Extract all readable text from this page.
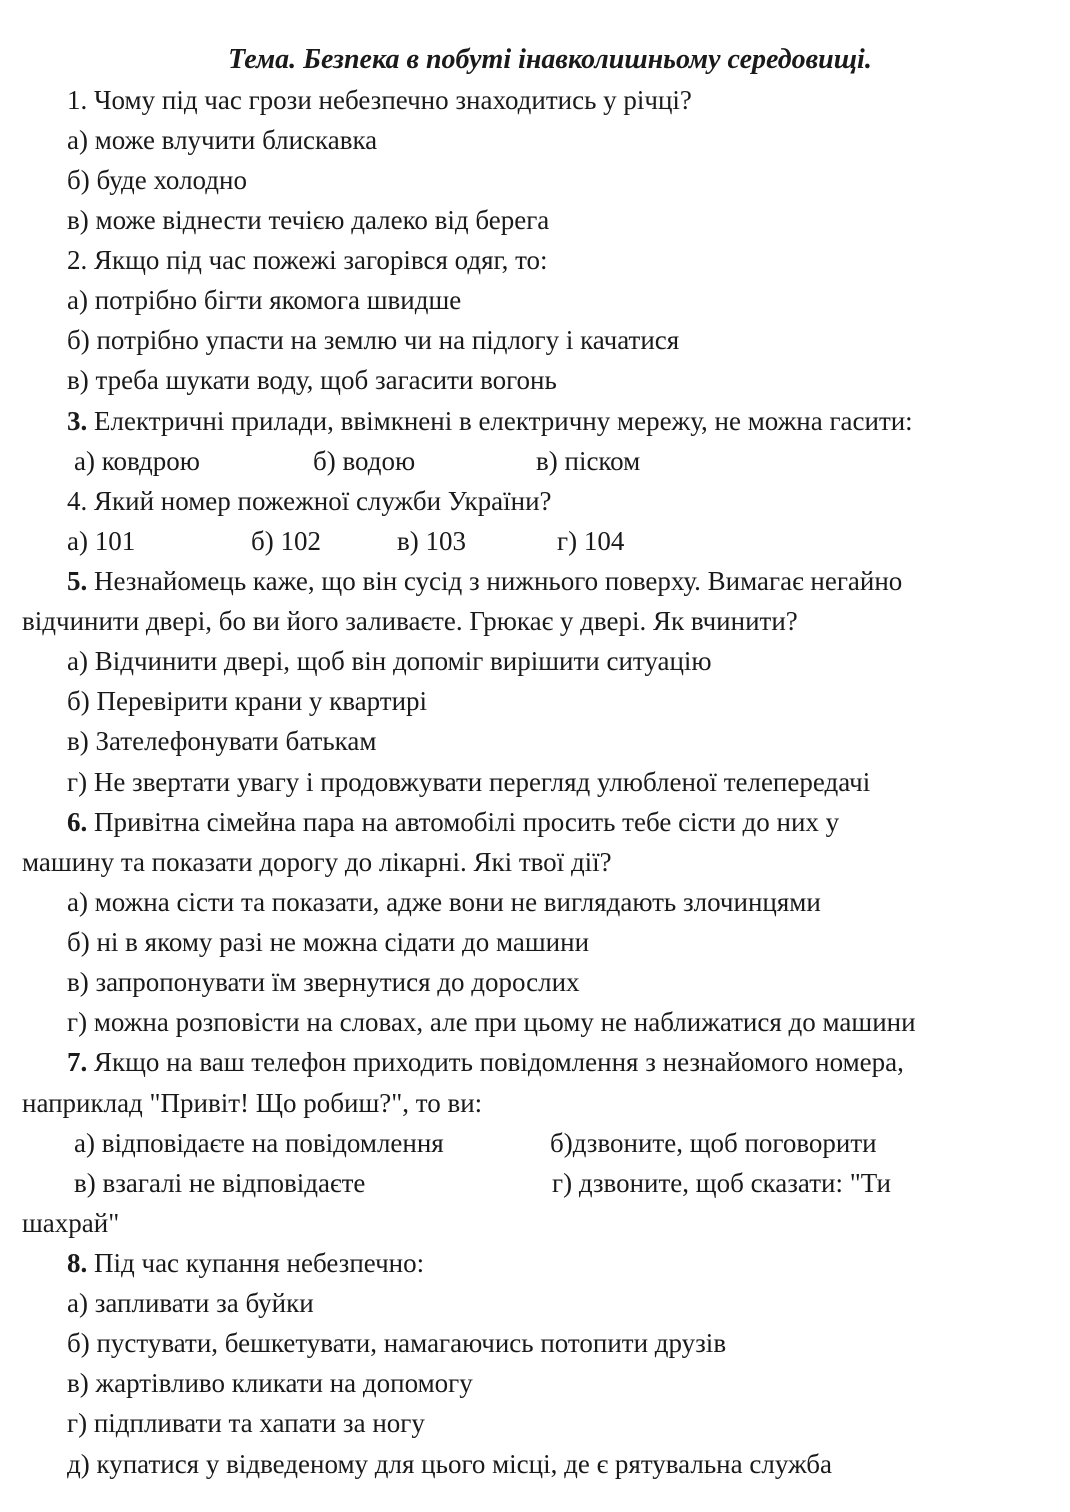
Тема. Безпека в побуті інавколишньому середовищі.
1. Чому під час грози небезпечно знаходитись у річці?
а) може влучити блискавка
б) буде холодно
в) може віднести течією далеко від берега
2. Якщо під час пожежі загорівся одяг, то:
а) потрібно бігти якомога швидше
б) потрібно упасти на землю чи на підлогу і качатися
в) треба шукати воду, щоб загасити вогонь
3. Електричні прилади, ввімкнені в електричну мережу, не можна гасити:
а) ковдрою	б) водою	в) піском
4. Який номер пожежної служби України?
а) 101	б) 102	в) 103	г) 104
5. Незнайомець каже, що він сусід з нижнього поверху. Вимагає негайно
відчинити двері, бо ви його заливаєте. Грюкає у двері. Як вчинити?
а) Відчинити двері, щоб він допоміг вирішити ситуацію
б) Перевірити крани у квартирі
в) Зателефонувати батькам
г) Не звертати увагу і продовжувати перегляд улюбленої телепередачі
6. Привітна сімейна пара на автомобілі просить тебе сісти до них у
машину та показати дорогу до лікарні. Які твої дії?
а) можна сісти та показати, адже вони не виглядають злочинцями
б) ні в якому разі не можна сідати до машини
в) запропонувати їм звернутися до дорослих
г) можна розповісти на словах, але при цьому не наближатися до машини
7. Якщо на ваш телефон приходить повідомлення з незнайомого номера,
наприклад "Привіт! Що робиш?", то ви:
а) відповідаєте на повідомлення	б)дзвоните, щоб поговорити
в) взагалі не відповідаєте	г) дзвоните, щоб сказати: "Ти
шахрай"
8. Під час купання небезпечно:
а) запливати за буйки
б) пустувати, бешкетувати, намагаючись потопити друзів
в) жартівливо кликати на допомогу
г) підпливати та хапати за ногу
д) купатися у відведеному для цього місці, де є рятувальна служба
